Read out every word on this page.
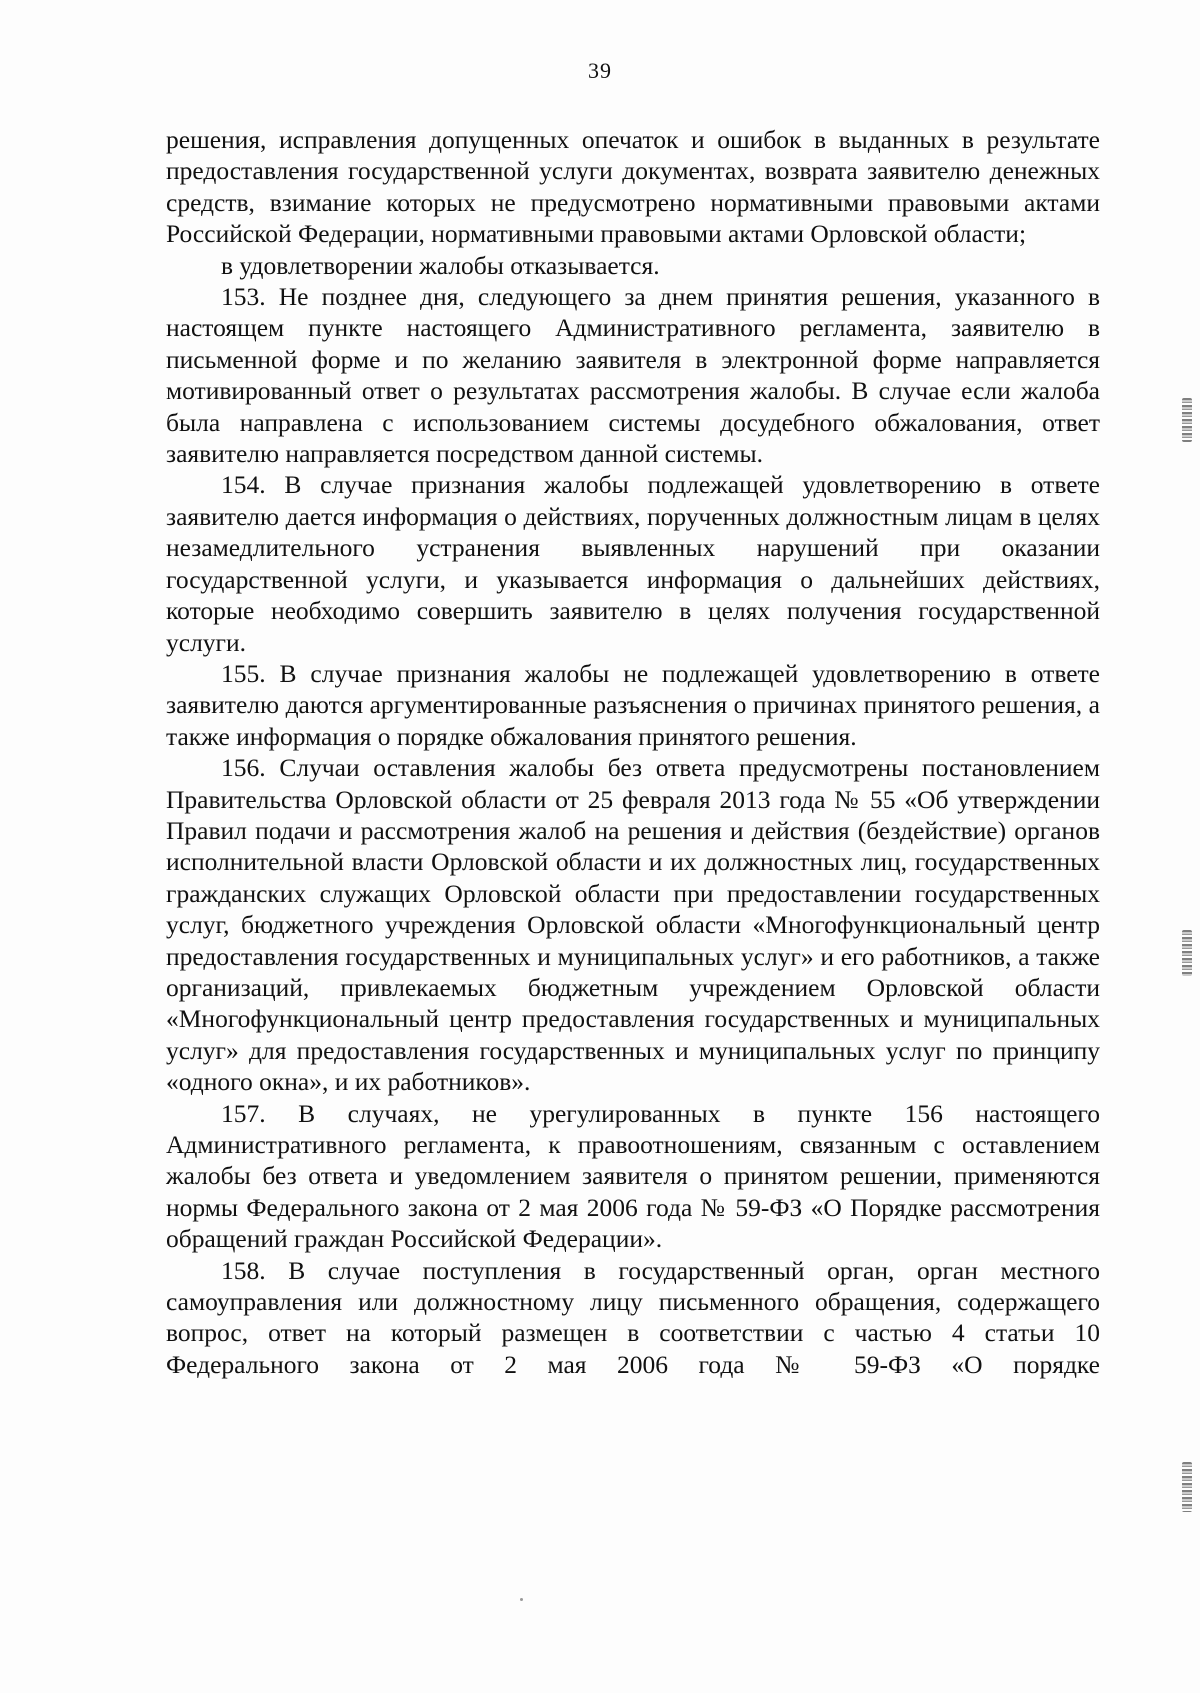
39

решения, исправления допущенных опечаток и ошибок в выданных в результате предоставления государственной услуги документах, возврата заявителю денежных средств, взимание которых не предусмотрено нормативными правовыми актами Российской Федерации, нормативными правовыми актами Орловской области;

в удовлетворении жалобы отказывается.

153. Не позднее дня, следующего за днем принятия решения, указанного в настоящем пункте настоящего Административного регламента, заявителю в письменной форме и по желанию заявителя в электронной форме направляется мотивированный ответ о результатах рассмотрения жалобы. В случае если жалоба была направлена с использованием системы досудебного обжалования, ответ заявителю направляется посредством данной системы.

154. В случае признания жалобы подлежащей удовлетворению в ответе заявителю дается информация о действиях, порученных должностным лицам в целях незамедлительного устранения выявленных нарушений при оказании государственной услуги, и указывается информация о дальнейших действиях, которые необходимо совершить заявителю в целях получения государственной услуги.

155. В случае признания жалобы не подлежащей удовлетворению в ответе заявителю даются аргументированные разъяснения о причинах принятого решения, а также информация о порядке обжалования принятого решения.

156. Случаи оставления жалобы без ответа предусмотрены постановлением Правительства Орловской области от 25 февраля 2013 года № 55 «Об утверждении Правил подачи и рассмотрения жалоб на решения и действия (бездействие) органов исполнительной власти Орловской области и их должностных лиц, государственных гражданских служащих Орловской области при предоставлении государственных услуг, бюджетного учреждения Орловской области «Многофункциональный центр предоставления государственных и муниципальных услуг» и его работников, а также организаций, привлекаемых бюджетным учреждением Орловской области «Многофункциональный центр предоставления государственных и муниципальных услуг» для предоставления государственных и муниципальных услуг по принципу «одного окна», и их работников».

157. В случаях, не урегулированных в пункте 156 настоящего Административного регламента, к правоотношениям, связанным с оставлением жалобы без ответа и уведомлением заявителя о принятом решении, применяются нормы Федерального закона от 2 мая 2006 года № 59-ФЗ «О Порядке рассмотрения обращений граждан Российской Федерации».

158. В случае поступления в государственный орган, орган местного самоуправления или должностному лицу письменного обращения, содержащего вопрос, ответ на который размещен в соответствии с частью 4 статьи 10 Федерального закона от 2 мая 2006 года № 59-ФЗ «О порядке
